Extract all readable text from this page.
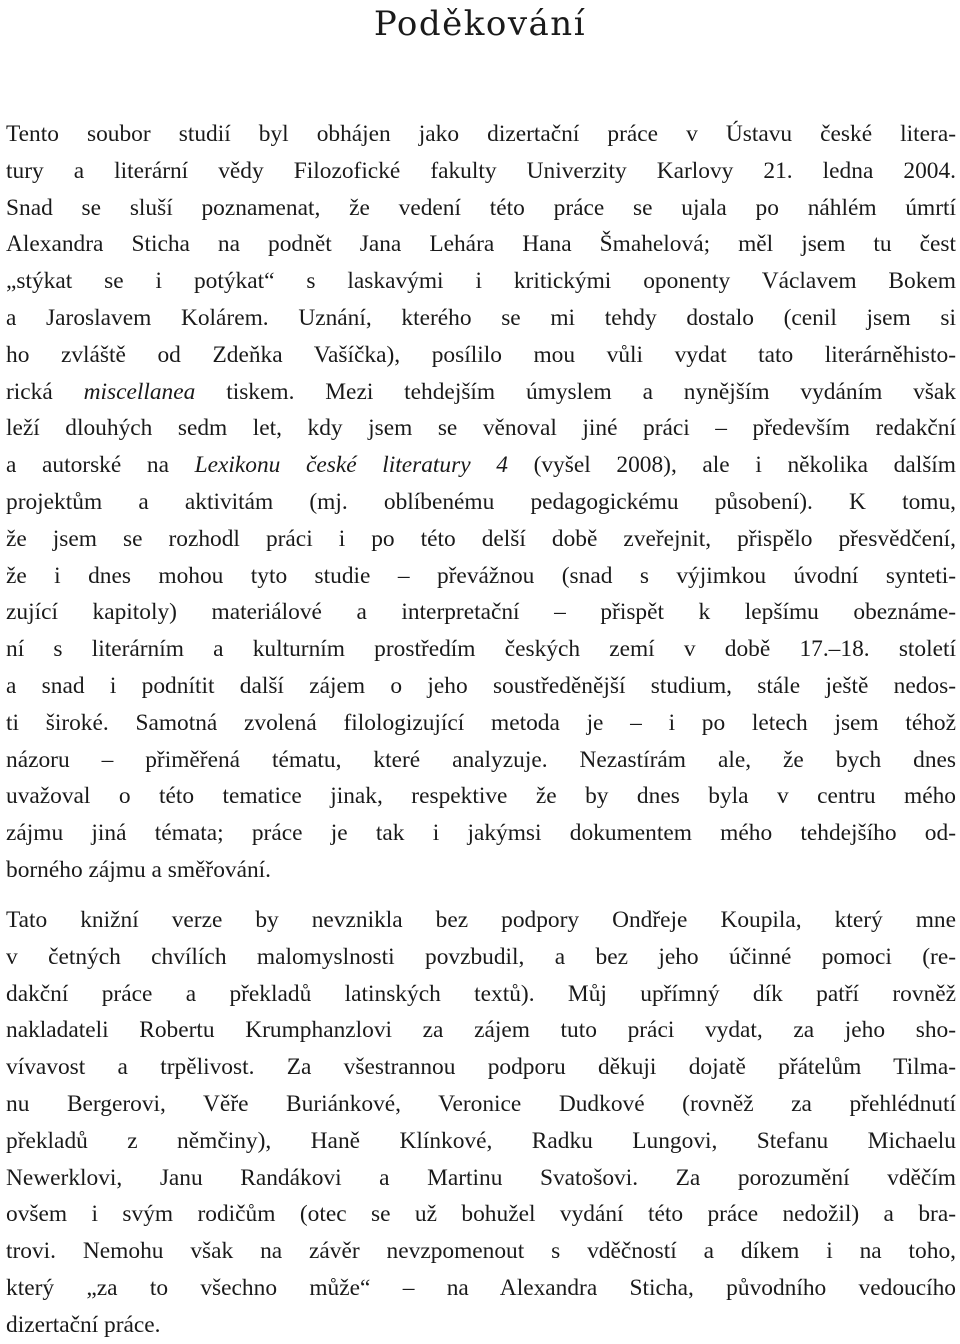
Poděkování
Tento soubor studií byl obhájen jako dizertační práce v Ústavu české litera-
tury a literární vědy Filozofické fakulty Univerzity Karlovy 21. ledna 2004.
Snad se sluší poznamenat, že vedení této práce se ujala po náhlém úmrtí
Alexandra Sticha na podnět Jana Lehára Hana Šmahelová; měl jsem tu čest
„stýkat se i potýkat“ s laskavými i kritickými oponenty Václavem Bokem
a Jaroslavem Kolárem. Uznání, kterého se mi tehdy dostalo (cenil jsem si
ho zvláště od Zdeňka Vašíčka), posílilo mou vůli vydat tato literárněhisto-
rická miscellanea tiskem. Mezi tehdejším úmyslem a nynějším vydáním však
leží dlouhých sedm let, kdy jsem se věnoval jiné práci – především redakční
a autorské na Lexikonu české literatury 4 (vyšel 2008), ale i několika dalším
projektům a aktivitám (mj. oblíbenému pedagogickému působení). K tomu,
že jsem se rozhodl práci i po této delší době zveřejnit, přispělo přesvědčení,
že i dnes mohou tyto studie – převážnou (snad s výjimkou úvodní synteti-
zující kapitoly) materiálové a interpretační – přispět k lepšímu obeznáme-
ní s literárním a kulturním prostředím českých zemí v době 17.–18. století
a snad i podnítit další zájem o jeho soustředěnější studium, stále ještě nedos-
ti široké. Samotná zvolená filologizující metoda je – i po letech jsem téhož
názoru – přiměřená tématu, které analyzuje. Nezastírám ale, že bych dnes
uvažoval o této tematice jinak, respektive že by dnes byla v centru mého
zájmu jiná témata; práce je tak i jakýmsi dokumentem mého tehdejšího od-
borného zájmu a směřování.
Tato knižní verze by nevznikla bez podpory Ondřeje Koupila, který mne
v četných chvílích malomyslnosti povzbudil, a bez jeho účinné pomoci (re-
dakční práce a překladů latinských textů). Můj upřímný dík patří rovněž
nakladateli Robertu Krumphanzlovi za zájem tuto práci vydat, za jeho sho-
vívavost a trpělivost. Za všestrannou podporu děkuji dojatě přátelům Tilma-
nu Bergerovi, Věře Buriánkové, Veronice Dudkové (rovněž za přehlédnutí
překladů z němčiny), Haně Klínkové, Radku Lungovi, Stefanu Michaelu
Newerklovi, Janu Randákovi a Martinu Svatošovi. Za porozumění vděčím
ovšem i svým rodičům (otec se už bohužel vydání této práce nedožil) a bra-
trovi. Nemohu však na závěr nevzpomenout s vděčností a díkem i na toho,
který „za to všechno může“ – na Alexandra Sticha, původního vedoucího
dizertační práce.
